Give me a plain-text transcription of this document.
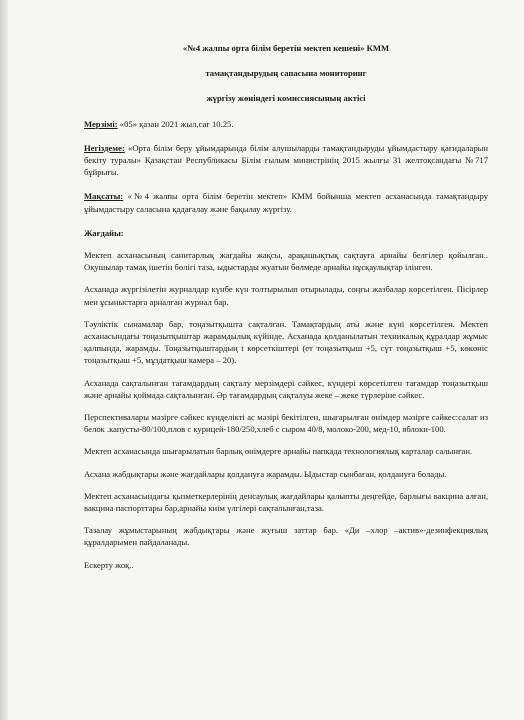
«№4 жалпы орта білім беретін мектеп кешені» КММ

тамақтандырудың сапасына мониторинг

жүргізу жөніндегі комиссиясының актісі

Мерзімі: «05» қазан 2021 жыл,сағ 10.25.

Негіздеме: «Орта білім беру ұйымдарында білім алушыларды тамақтандыруды ұйымдастыру қағидаларын бекіту туралы» Қазақстан Республикасы Білім ғылым министрінің 2015 жылғы 31 желтоқсандағы №717 бұйрығы.

Мақсаты: «№4 жалпы орта білім беретін мектеп» КММ бойынша мектеп асханасында тамақтандыру ұйымдастыру саласына қадағалау және бақылау жүргізу.

Жағдайы:

Мектеп асханасының санитарлық жағдайы жақсы, арақашықтық сақтауға арнайы белгілер қойылған.. Оқушылар тамақ ішетін бөлігі таза, ыдыстарды жуатын бөлмеде арнайы нұсқаулықтар ілінген.

Асханада жүргізілетін журналдар күнбе күн толтырылып отырылады, соңғы жазбалар көрсетілген. Пісірлер мен ұсыныстарға арналған журнал бар.

Тәуліктік сынамалар бар, тоңазытқышта сақталған. Тамақтардың аты және күні көрсетілген. Мектеп асханасындағы тоңазытқыштар жарамдылық күйінде. Асханада қолданылатын техникалық құралдар жұмыс қалпында, жарамды. Тоңазытқыштардың t көрсеткіштері (ет тоңазытқыш +5, сүт тоңазытқыш +5, көкөніс тоңазытқыш +5, мұздатқыш камера – 20).

Асханада сақталынған тағамдардың сақталу мерзімдері сәйкес, күндері көрсетілген тағамдар тоңазытқыш және арнайы қоймада сақталынған. Әр тағамдардың сақталуы жеке – жеке түрлеріне сәйкес.

Перспективалары мәзірге сәйкес күнделікті ас мәзірі бекітілген, шығарылған өнімдер мәзірге сәйкес:салат из белок .капусты-80/100,плов с курицей-180/250,хлеб с сыром 40/8, молоко-200, мед-10, яблоки-100.

Мектеп асханасында шығарылатын барлық өнімдерге арнайы папкада технологиялық карталар салынған.

Асхана жабдықтары және жағдайлары қолдануға жарамды. Ыдыстар сынбаған, қолдануға болады.

Мектеп асханасындағы қызметкерлерінің денсаулық жағдайлары қалыпты деңгейде, барлығы вакцина алған, вакцина паспорттары бар,арнайы киім үлгілері сақталынған,таза.

Тазалау жұмыстарының жабдықтары және жуғыш заттар бар. «Ди –хлор –актив»-дезинфекциялық құралдарымен пайдаланады.

Ескерту жоқ..
